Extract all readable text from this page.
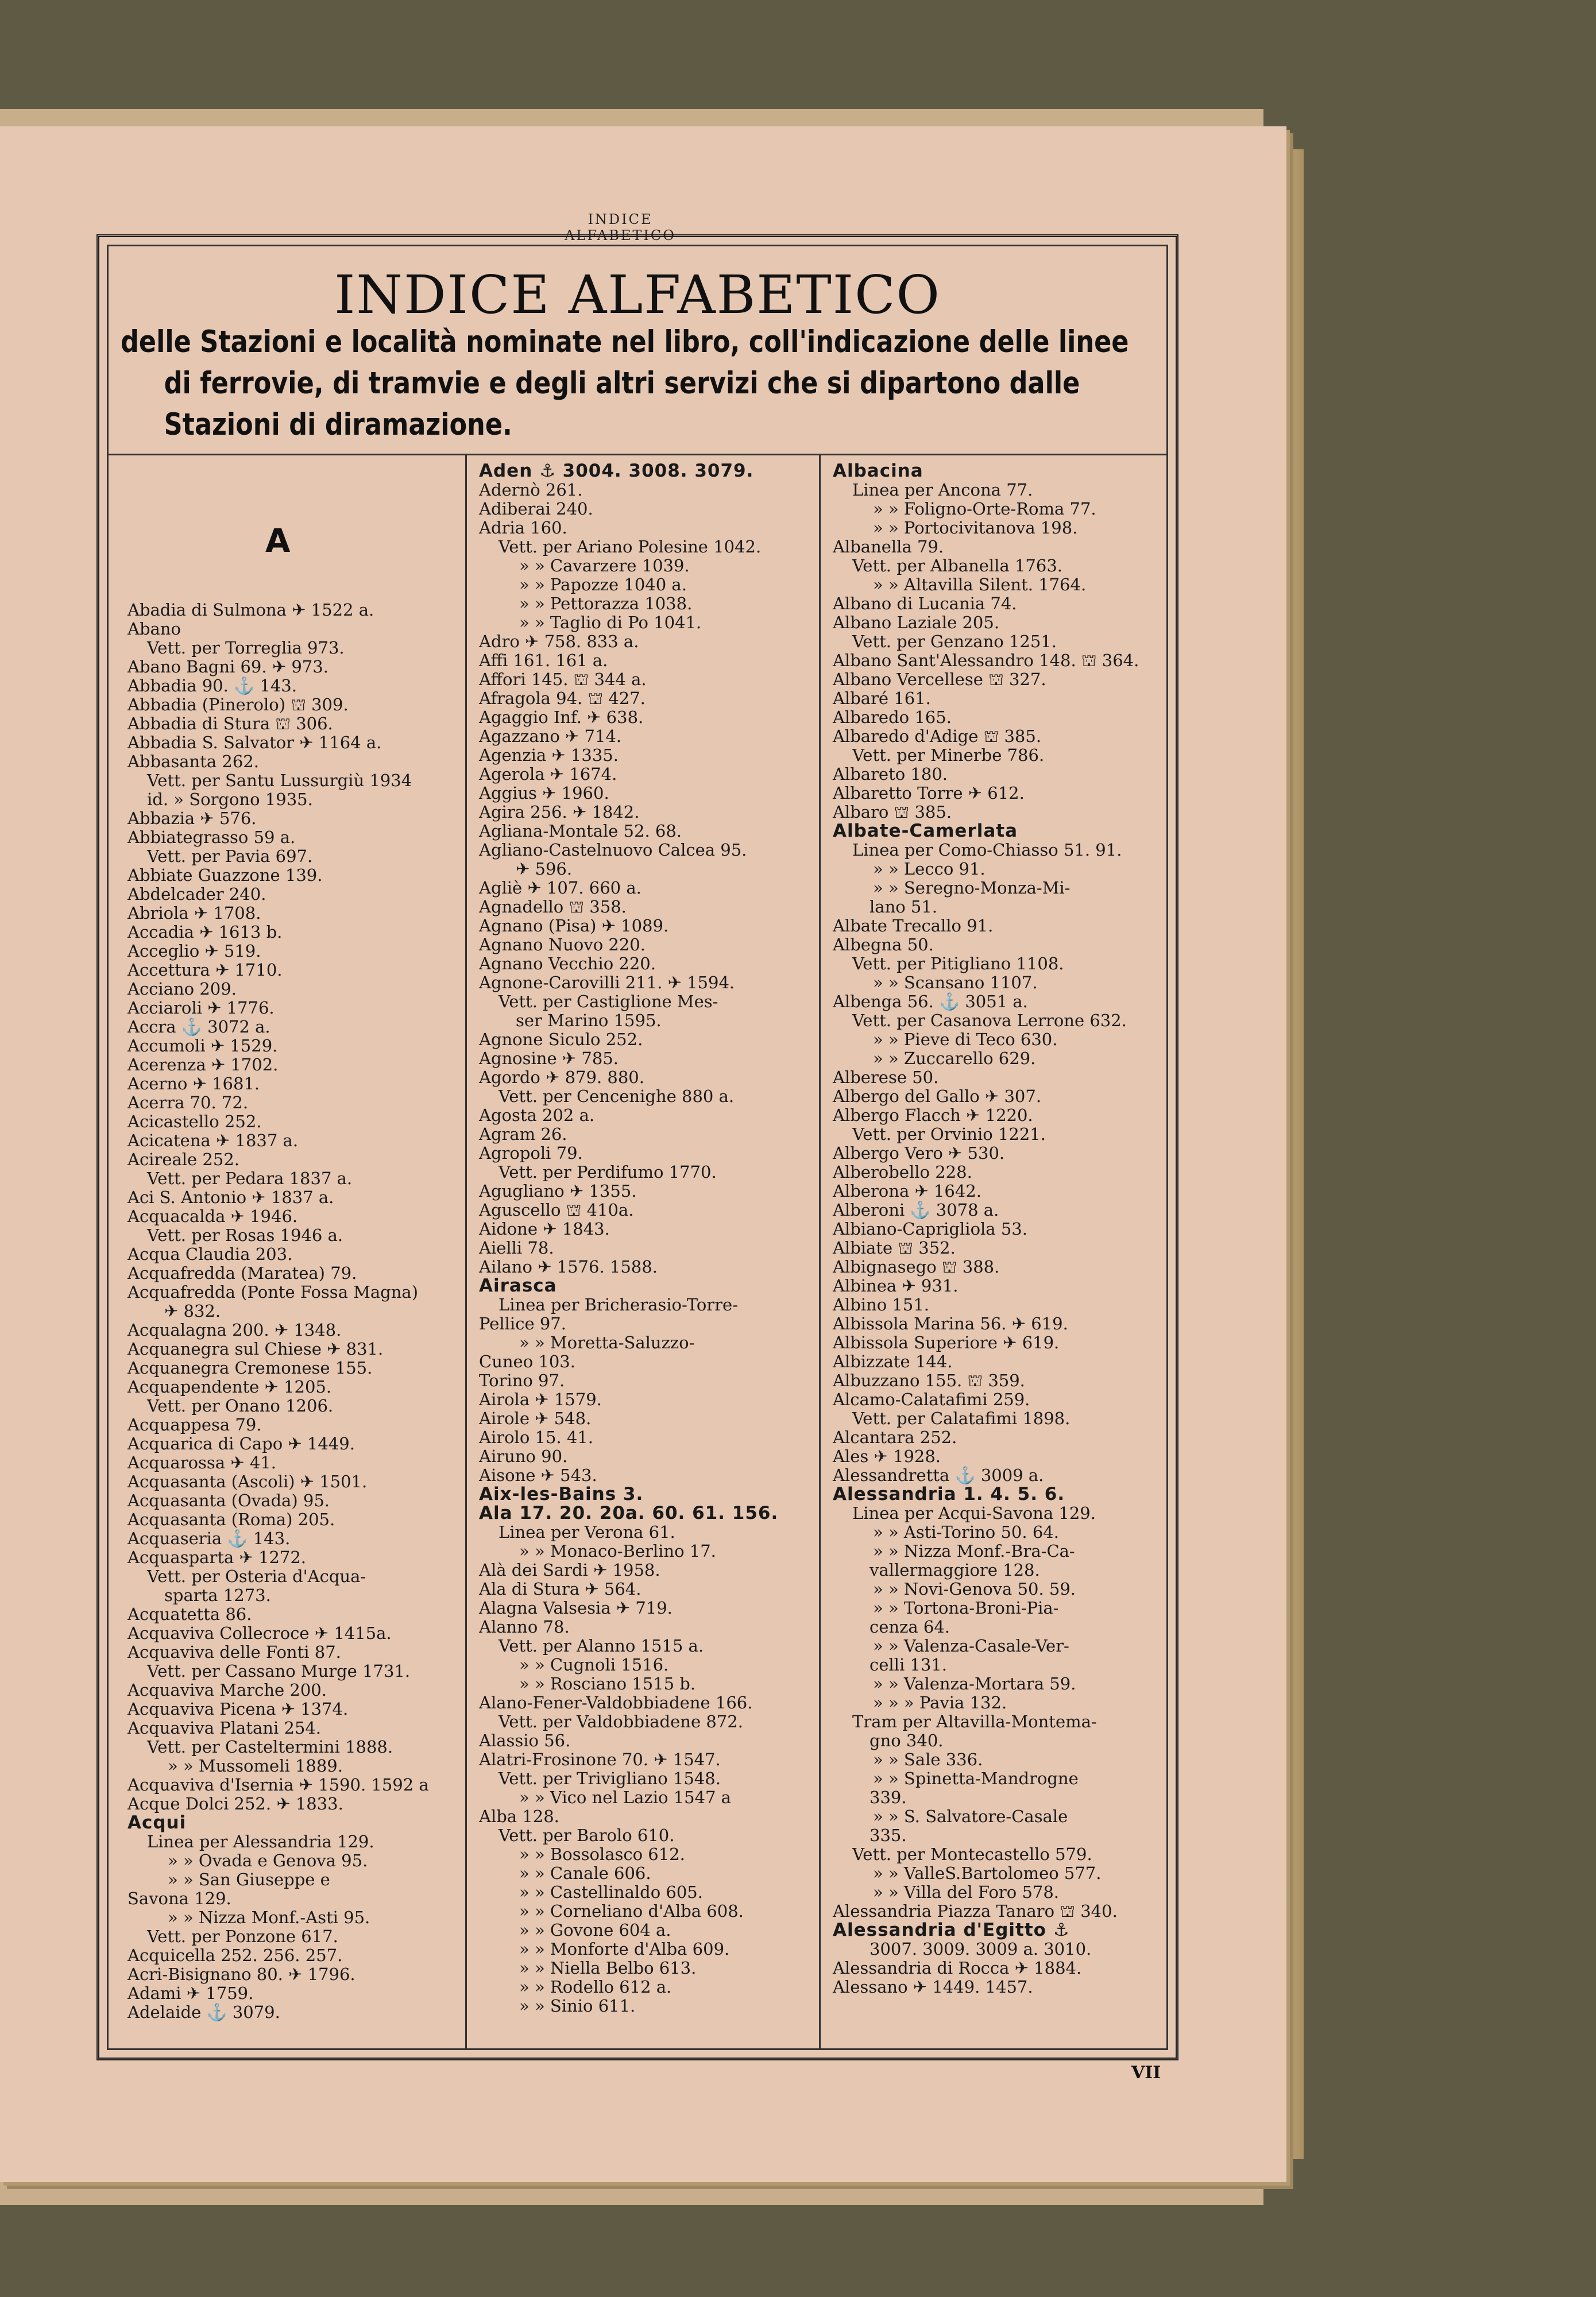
INDICE ALFABETICO
INDICE ALFABETICO
delle Stazioni e località nominate nel libro, coll'indicazione delle linee
di ferrovie, di tramvie e degli altri servizi che si dipartono dalle
Stazioni di diramazione.
A
Abadia di Sulmona ✈ 1522 a.
Abano
Vett. per Torreglia 973.
Abano Bagni 69. ✈ 973.
Abbadia 90. ⚓ 143.
Abbadia (Pinerolo) ⛫ 309.
Abbadia di Stura ⛫ 306.
Abbadia S. Salvator ✈ 1164 a.
Abbasanta 262.
Vett. per Santu Lussurgiù 1934
id. » Sorgono 1935.
Abbazia ✈ 576.
Abbiategrasso 59 a.
Vett. per Pavia 697.
Abbiate Guazzone 139.
Abdelcader 240.
Abriola ✈ 1708.
Accadia ✈ 1613 b.
Acceglio ✈ 519.
Accettura ✈ 1710.
Acciano 209.
Acciaroli ✈ 1776.
Accra ⚓ 3072 a.
Accumoli ✈ 1529.
Acerenza ✈ 1702.
Acerno ✈ 1681.
Acerra 70. 72.
Acicastello 252.
Acicatena ✈ 1837 a.
Acireale 252.
Vett. per Pedara 1837 a.
Aci S. Antonio ✈ 1837 a.
Acquacalda ✈ 1946.
Vett. per Rosas 1946 a.
Acqua Claudia 203.
Acquafredda (Maratea) 79.
Acquafredda (Ponte Fossa Magna)
✈ 832.
Acqualagna 200. ✈ 1348.
Acquanegra sul Chiese ✈ 831.
Acquanegra Cremonese 155.
Acquapendente ✈ 1205.
Vett. per Onano 1206.
Acquappesa 79.
Acquarica di Capo ✈ 1449.
Acquarossa ✈ 41.
Acquasanta (Ascoli) ✈ 1501.
Acquasanta (Ovada) 95.
Acquasanta (Roma) 205.
Acquaseria ⚓ 143.
Acquasparta ✈ 1272.
Vett. per Osteria d'Acqua-
sparta 1273.
Acquatetta 86.
Acquaviva Collecroce ✈ 1415a.
Acquaviva delle Fonti 87.
Vett. per Cassano Murge 1731.
Acquaviva Marche 200.
Acquaviva Picena ✈ 1374.
Acquaviva Platani 254.
Vett. per Casteltermini 1888.
» » Mussomeli 1889.
Acquaviva d'Isernia ✈ 1590. 1592 a
Acque Dolci 252. ✈ 1833.
Acqui
Linea per Alessandria 129.
» » Ovada e Genova 95.
» » San Giuseppe e
Savona 129.
» » Nizza Monf.-Asti 95.
Vett. per Ponzone 617.
Acquicella 252. 256. 257.
Acri-Bisignano 80. ✈ 1796.
Adami ✈ 1759.
Adelaide ⚓ 3079.
Aden ⚓ 3004. 3008. 3079.
Adernò 261.
Adiberai 240.
Adria 160.
Vett. per Ariano Polesine 1042.
» » Cavarzere 1039.
» » Papozze 1040 a.
» » Pettorazza 1038.
» » Taglio di Po 1041.
Adro ✈ 758. 833 a.
Affi 161. 161 a.
Affori 145. ⛫ 344 a.
Afragola 94. ⛫ 427.
Agaggio Inf. ✈ 638.
Agazzano ✈ 714.
Agenzia ✈ 1335.
Agerola ✈ 1674.
Aggius ✈ 1960.
Agira 256. ✈ 1842.
Agliana-Montale 52. 68.
Agliano-Castelnuovo Calcea 95.
✈ 596.
Agliè ✈ 107. 660 a.
Agnadello ⛫ 358.
Agnano (Pisa) ✈ 1089.
Agnano Nuovo 220.
Agnano Vecchio 220.
Agnone-Carovilli 211. ✈ 1594.
Vett. per Castiglione Mes-
ser Marino 1595.
Agnone Siculo 252.
Agnosine ✈ 785.
Agordo ✈ 879. 880.
Vett. per Cencenighe 880 a.
Agosta 202 a.
Agram 26.
Agropoli 79.
Vett. per Perdifumo 1770.
Agugliano ✈ 1355.
Aguscello ⛫ 410a.
Aidone ✈ 1843.
Aielli 78.
Ailano ✈ 1576. 1588.
Airasca
Linea per Bricherasio-Torre-
Pellice 97.
» » Moretta-Saluzzo-
Cuneo 103.
Torino 97.
Airola ✈ 1579.
Airole ✈ 548.
Airolo 15. 41.
Airuno 90.
Aisone ✈ 543.
Aix-les-Bains 3.
Ala 17. 20. 20a. 60. 61. 156.
Linea per Verona 61.
» » Monaco-Berlino 17.
Alà dei Sardi ✈ 1958.
Ala di Stura ✈ 564.
Alagna Valsesia ✈ 719.
Alanno 78.
Vett. per Alanno 1515 a.
» » Cugnoli 1516.
» » Rosciano 1515 b.
Alano-Fener-Valdobbiadene 166.
Vett. per Valdobbiadene 872.
Alassio 56.
Alatri-Frosinone 70. ✈ 1547.
Vett. per Trivigliano 1548.
» » Vico nel Lazio 1547 a
Alba 128.
Vett. per Barolo 610.
» » Bossolasco 612.
» » Canale 606.
» » Castellinaldo 605.
» » Corneliano d'Alba 608.
» » Govone 604 a.
» » Monforte d'Alba 609.
» » Niella Belbo 613.
» » Rodello 612 a.
» » Sinio 611.
Albacina
Linea per Ancona 77.
» » Foligno-Orte-Roma 77.
» » Portocivitanova 198.
Albanella 79.
Vett. per Albanella 1763.
» » Altavilla Silent. 1764.
Albano di Lucania 74.
Albano Laziale 205.
Vett. per Genzano 1251.
Albano Sant'Alessandro 148. ⛫ 364.
Albano Vercellese ⛫ 327.
Albaré 161.
Albaredo 165.
Albaredo d'Adige ⛫ 385.
Vett. per Minerbe 786.
Albareto 180.
Albaretto Torre ✈ 612.
Albaro ⛫ 385.
Albate-Camerlata
Linea per Como-Chiasso 51. 91.
» » Lecco 91.
» » Seregno-Monza-Mi-
lano 51.
Albate Trecallo 91.
Albegna 50.
Vett. per Pitigliano 1108.
» » Scansano 1107.
Albenga 56. ⚓ 3051 a.
Vett. per Casanova Lerrone 632.
» » Pieve di Teco 630.
» » Zuccarello 629.
Alberese 50.
Albergo del Gallo ✈ 307.
Albergo Flacch ✈ 1220.
Vett. per Orvinio 1221.
Albergo Vero ✈ 530.
Alberobello 228.
Alberona ✈ 1642.
Alberoni ⚓ 3078 a.
Albiano-Caprigliola 53.
Albiate ⛫ 352.
Albignasego ⛫ 388.
Albinea ✈ 931.
Albino 151.
Albissola Marina 56. ✈ 619.
Albissola Superiore ✈ 619.
Albizzate 144.
Albuzzano 155. ⛫ 359.
Alcamo-Calatafimi 259.
Vett. per Calatafimi 1898.
Alcantara 252.
Ales ✈ 1928.
Alessandretta ⚓ 3009 a.
Alessandria 1. 4. 5. 6.
Linea per Acqui-Savona 129.
» » Asti-Torino 50. 64.
» » Nizza Monf.-Bra-Ca-
vallermaggiore 128.
» » Novi-Genova 50. 59.
» » Tortona-Broni-Pia-
cenza 64.
» » Valenza-Casale-Ver-
celli 131.
» » Valenza-Mortara 59.
» » » Pavia 132.
Tram per Altavilla-Montema-
gno 340.
» » Sale 336.
» » Spinetta-Mandrogne
339.
» » S. Salvatore-Casale
335.
Vett. per Montecastello 579.
» » ValleS.Bartolomeo 577.
» » Villa del Foro 578.
Alessandria Piazza Tanaro ⛫ 340.
Alessandria d'Egitto ⚓
3007. 3009. 3009 a. 3010.
Alessandria di Rocca ✈ 1884.
Alessano ✈ 1449. 1457.
VII
